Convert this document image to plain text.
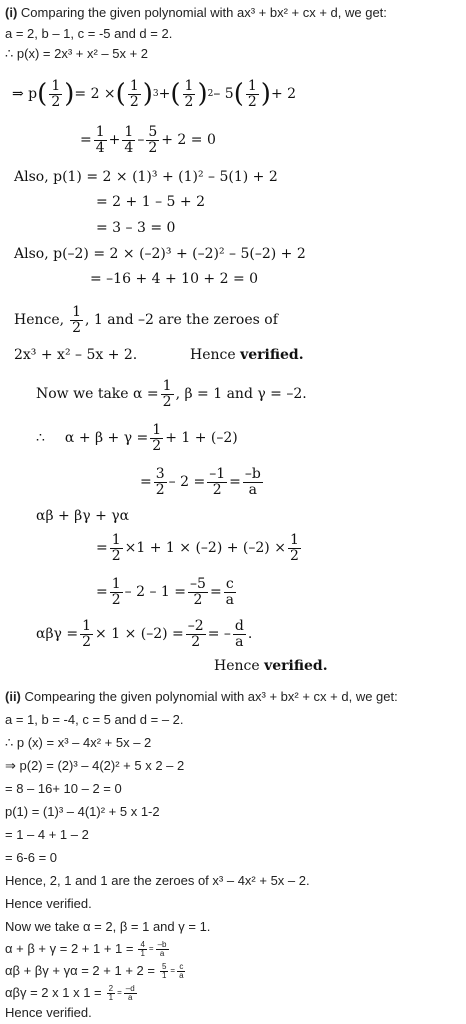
(i) Comparing the given polynomial with ax³ + bx² + cx + d, we get:
a = 2, b – 1, c = -5 and d = 2.
∴ p(x) = 2x³ + x² – 5x + 2
⇒ p ( 1
2 ) = 2 × ( 1
2 ) 3 + ( 1
2 ) 2 – 5 ( 1
2 ) + 2
= $\frac{1}{4} + \frac{1}{4}$ –
5
2 + 2 = 0
Also, p(1) = 2 × (1)³ + (1)² – 5(1) + 2
= 2 + 1 – 5 + 2
= 3 – 3 = 0
Also, p(–2) = 2 × (–2)³ + (–2)² – 5(–2) + 2
= –16 + 4 + 10 + 2 = 0
Hence,
1
2 , 1 and –2 are the zeroes of
2x³ + x² – 5x + 2.	Hence verified.
Now we take $\alpha = \frac{1}{2}$ , β = 1 and γ = –2.
∴ $\alpha + \beta + \gamma = \frac{1}{2} + 1 + (-2)$
= $\frac{3}{2} - 2 = \frac{-1}{2} = \frac{-b}{a}$
αβ + βγ + γα
= $\frac{1}{2} \times 1 + 1 \times (-2) + (-2) \times \frac{1}{2}$
= $\frac{1}{2} - 2 - 1 = \frac{-5}{2} = \frac{c}{a}$
$\alpha\beta\gamma = \frac{1}{2} \times 1 \times (-2) = \frac{-2}{2}$ = –
d
a .
Hence verified.
(ii) Compearing the given polynomial with ax³ + bx² + cx + d, we get:
a = 1, b = -4, c = 5 and d = – 2.
∴ p (x) = x³ – 4x² + 5x – 2
⇒ p(2) = (2)³ – 4(2)² + 5 x 2 – 2
= 8 – 16+ 10 – 2 = 0
p(1) = (1)³ – 4(1)² + 5 x 1-2
= 1 – 4 + 1 – 2
= 6-6 = 0
Hence, 2, 1 and 1 are the zeroes of x³ – 4x² + 5x – 2.
Hence verified.
Now we take α = 2, β = 1 and γ = 1.
$\alpha + \beta + \gamma = 2 + 1 + 1 = \frac{4}{1} = \frac{-b}{a}$
$\alpha\beta + \beta\gamma + \gamma\alpha = 2 + 1 + 2 = \frac{5}{1} = \frac{c}{a}$
αβγ = 2 x 1 x $1 = \frac{2}{1} = \frac{-d}{a}$
Hence verified.
